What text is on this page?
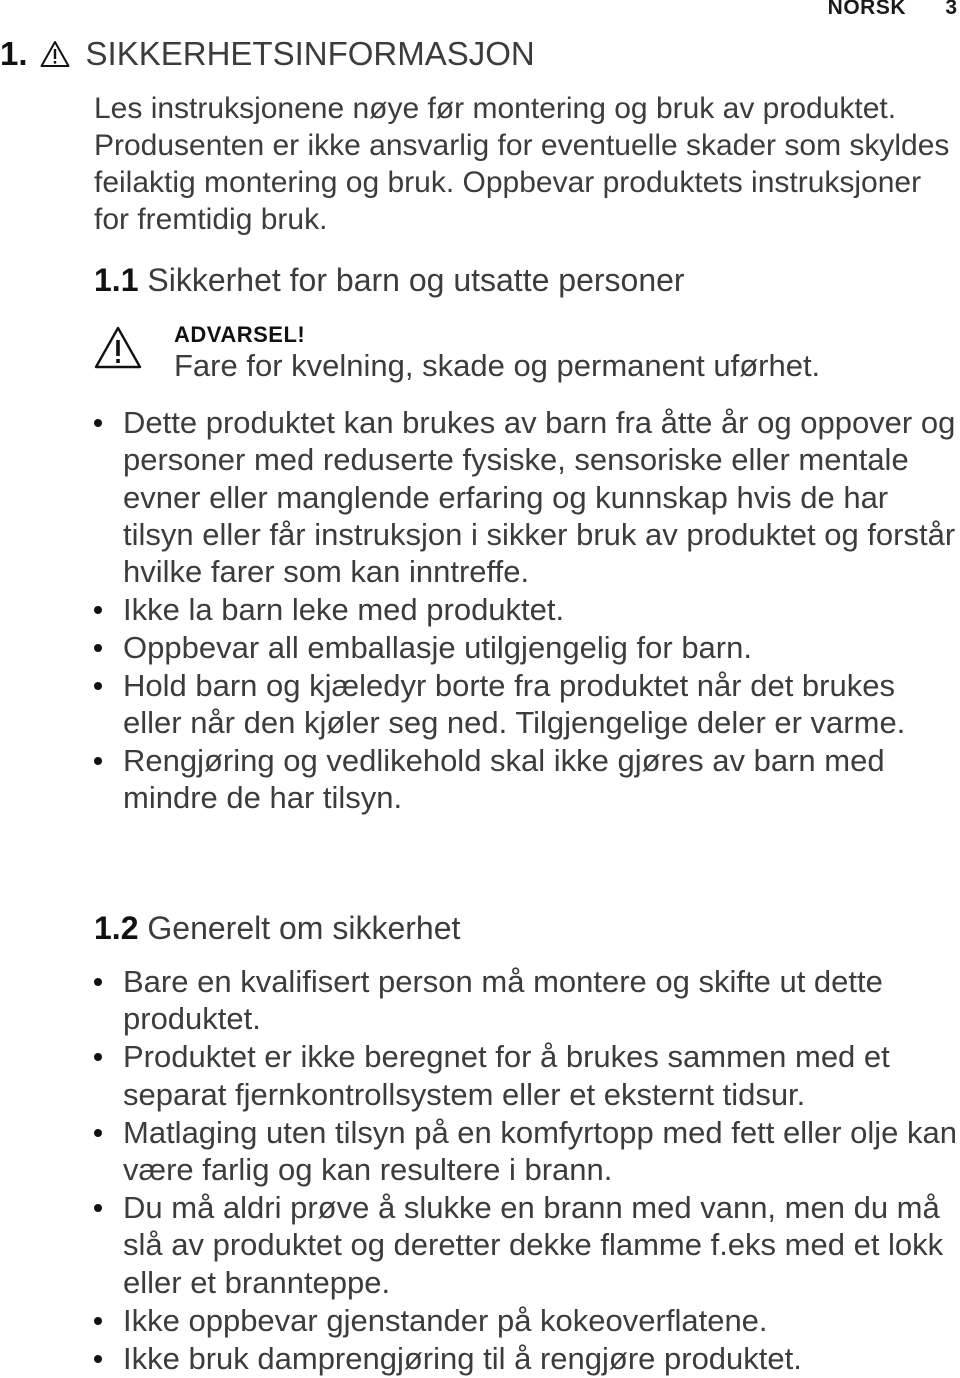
NORSK 3
1. SIKKERHETSINFORMASJON

Les instruksjonene nøye før montering og bruk av produktet. Produsenten er ikke ansvarlig for eventuelle skader som skyldes feilaktig montering og bruk. Oppbevar produktets instruksjoner for fremtidig bruk.

1.1 Sikkerhet for barn og utsatte personer
ADVARSEL!
Fare for kvelning, skade og permanent uførhet.
Dette produktet kan brukes av barn fra åtte år og oppover og personer med reduserte fysiske, sensoriske eller mentale evner eller manglende erfaring og kunnskap hvis de har tilsyn eller får instruksjon i sikker bruk av produktet og forstår hvilke farer som kan inntreffe.
Ikke la barn leke med produktet.
Oppbevar all emballasje utilgjengelig for barn.
Hold barn og kjæledyr borte fra produktet når det brukes eller når den kjøler seg ned. Tilgjengelige deler er varme.
Rengjøring og vedlikehold skal ikke gjøres av barn med mindre de har tilsyn.
1.2 Generelt om sikkerhet
Bare en kvalifisert person må montere og skifte ut dette produktet.
Produktet er ikke beregnet for å brukes sammen med et separat fjernkontrollsystem eller et eksternt tidsur.
Matlaging uten tilsyn på en komfyrtopp med fett eller olje kan være farlig og kan resultere i brann.
Du må aldri prøve å slukke en brann med vann, men du må slå av produktet og deretter dekke flamme f.eks med et lokk eller et brannteppe.
Ikke oppbevar gjenstander på kokeoverflatene.
Ikke bruk damprengjøring til å rengjøre produktet.
